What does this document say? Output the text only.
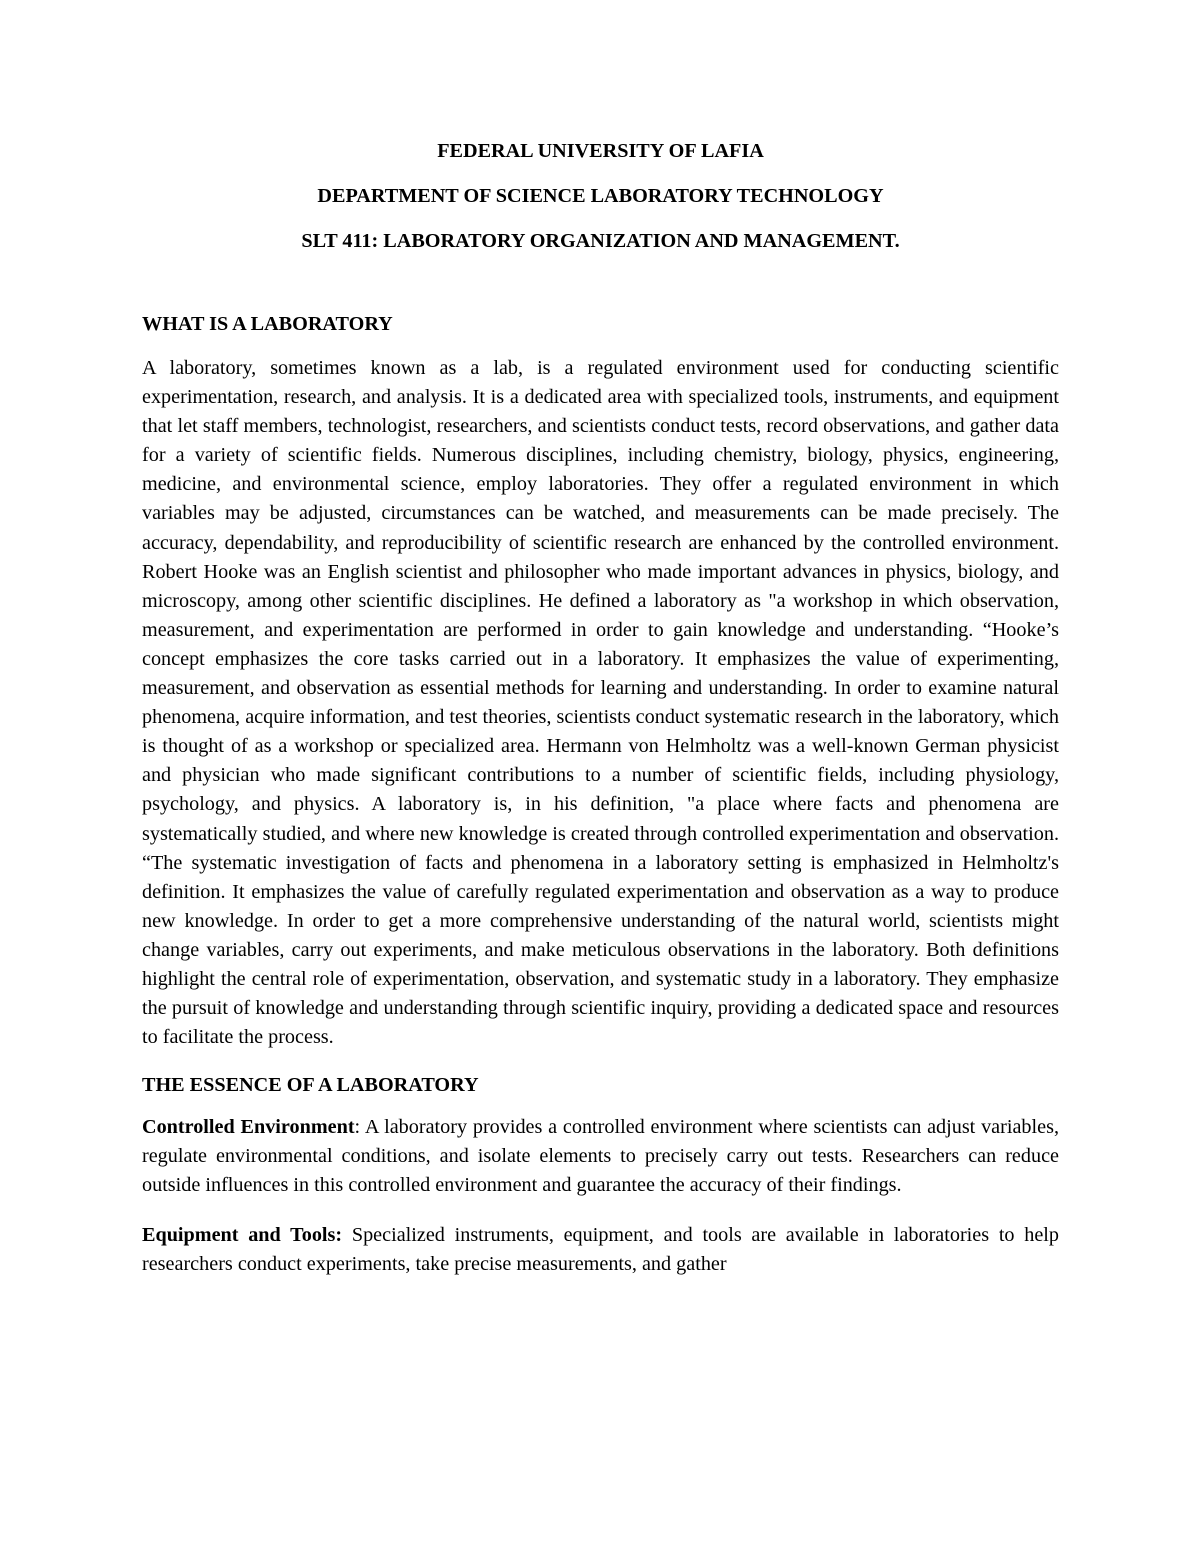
FEDERAL UNIVERSITY OF LAFIA
DEPARTMENT OF SCIENCE LABORATORY TECHNOLOGY
SLT 411: LABORATORY ORGANIZATION AND MANAGEMENT.
WHAT IS A LABORATORY

A laboratory, sometimes known as a lab, is a regulated environment used for conducting scientific experimentation, research, and analysis. It is a dedicated area with specialized tools, instruments, and equipment that let staff members, technologist, researchers, and scientists conduct tests, record observations, and gather data for a variety of scientific fields. Numerous disciplines, including chemistry, biology, physics, engineering, medicine, and environmental science, employ laboratories. They offer a regulated environment in which variables may be adjusted, circumstances can be watched, and measurements can be made precisely. The accuracy, dependability, and reproducibility of scientific research are enhanced by the controlled environment. Robert Hooke was an English scientist and philosopher who made important advances in physics, biology, and microscopy, among other scientific disciplines. He defined a laboratory as "a workshop in which observation, measurement, and experimentation are performed in order to gain knowledge and understanding. “Hooke’s concept emphasizes the core tasks carried out in a laboratory. It emphasizes the value of experimenting, measurement, and observation as essential methods for learning and understanding. In order to examine natural phenomena, acquire information, and test theories, scientists conduct systematic research in the laboratory, which is thought of as a workshop or specialized area. Hermann von Helmholtz was a well-known German physicist and physician who made significant contributions to a number of scientific fields, including physiology, psychology, and physics. A laboratory is, in his definition, "a place where facts and phenomena are systematically studied, and where new knowledge is created through controlled experimentation and observation. “The systematic investigation of facts and phenomena in a laboratory setting is emphasized in Helmholtz's definition. It emphasizes the value of carefully regulated experimentation and observation as a way to produce new knowledge. In order to get a more comprehensive understanding of the natural world, scientists might change variables, carry out experiments, and make meticulous observations in the laboratory. Both definitions highlight the central role of experimentation, observation, and systematic study in a laboratory. They emphasize the pursuit of knowledge and understanding through scientific inquiry, providing a dedicated space and resources to facilitate the process.

THE ESSENCE OF A LABORATORY

Controlled Environment: A laboratory provides a controlled environment where scientists can adjust variables, regulate environmental conditions, and isolate elements to precisely carry out tests. Researchers can reduce outside influences in this controlled environment and guarantee the accuracy of their findings.

Equipment and Tools: Specialized instruments, equipment, and tools are available in laboratories to help researchers conduct experiments, take precise measurements, and gather
